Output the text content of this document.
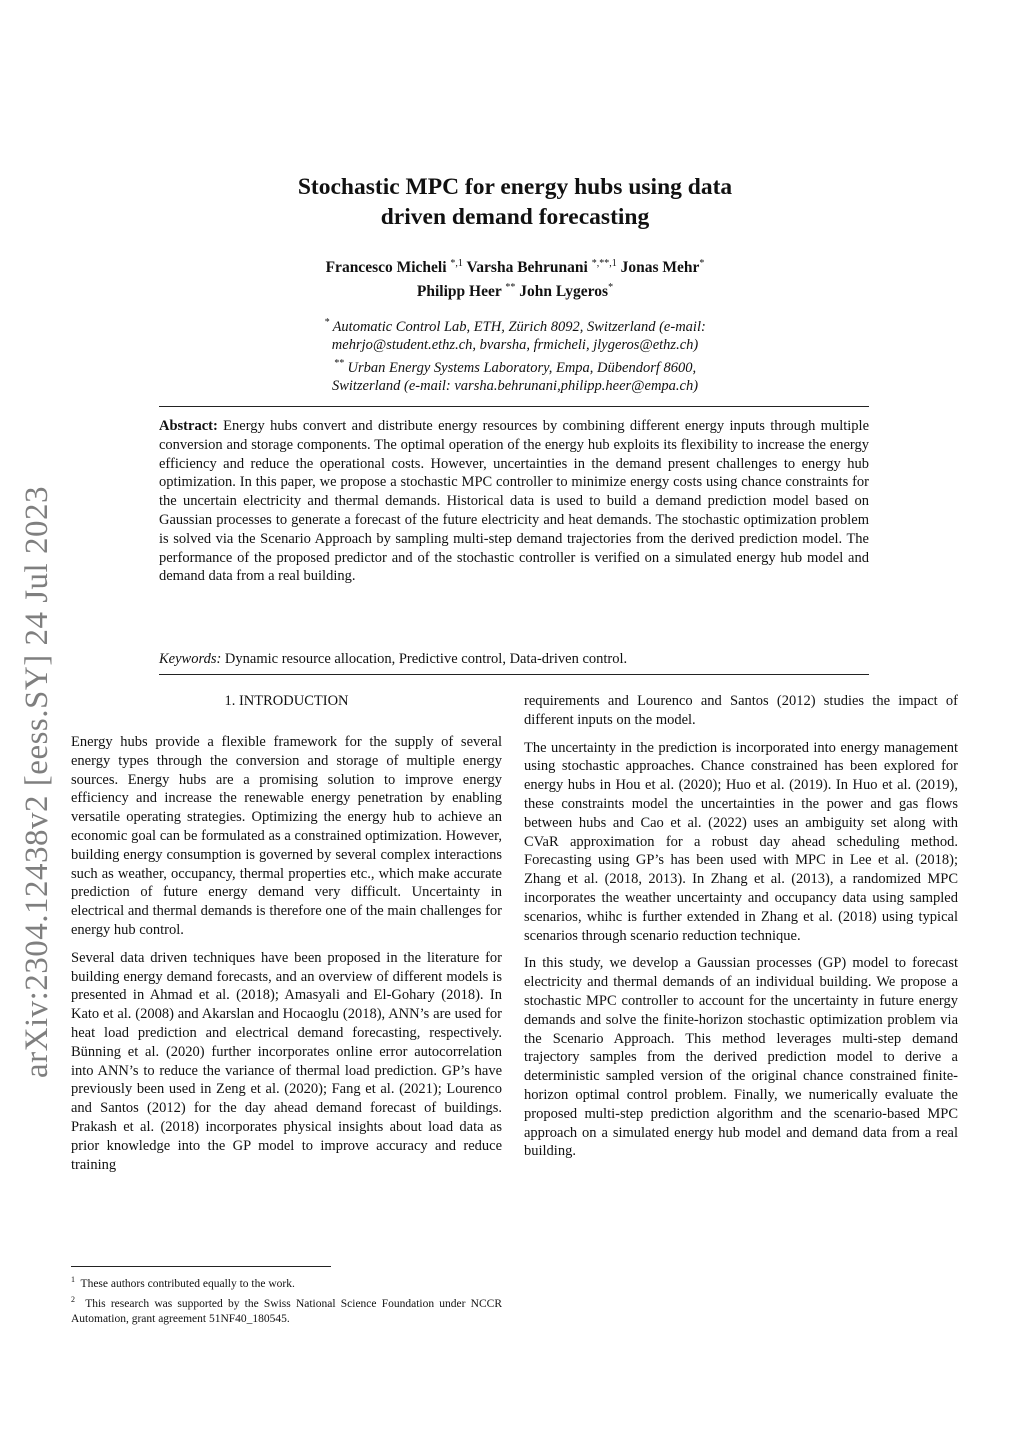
arXiv:2304.12438v2 [eess.SY] 24 Jul 2023
Stochastic MPC for energy hubs using data
driven demand forecasting
Francesco Micheli $^{*,1}$ Varsha Behrunani $^{*,**,1}$ Jonas Mehr*
Philipp Heer ** John Lygeros*
* Automatic Control Lab, ETH, Zürich 8092, Switzerland (e-mail:
mehrjo@student.ethz.ch, bvarsha, frmicheli, jlygeros@ethz.ch)
** Urban Energy Systems Laboratory, Empa, Dübendorf 8600,
Switzerland (e-mail: varsha.behrunani,philipp.heer@empa.ch)
Abstract: Energy hubs convert and distribute energy resources by combining different energy inputs through multiple conversion and storage components. The optimal operation of the energy hub exploits its flexibility to increase the energy efficiency and reduce the operational costs. However, uncertainties in the demand present challenges to energy hub optimization. In this paper, we propose a stochastic MPC controller to minimize energy costs using chance constraints for the uncertain electricity and thermal demands. Historical data is used to build a demand prediction model based on Gaussian processes to generate a forecast of the future electricity and heat demands. The stochastic optimization problem is solved via the Scenario Approach by sampling multi-step demand trajectories from the derived prediction model. The performance of the proposed predictor and of the stochastic controller is verified on a simulated energy hub model and demand data from a real building.
Keywords: Dynamic resource allocation, Predictive control, Data-driven control.
1. INTRODUCTION

Energy hubs provide a flexible framework for the supply of several energy types through the conversion and storage of multiple energy sources. Energy hubs are a promising solution to improve energy efficiency and increase the renewable energy penetration by enabling versatile operating strategies. Optimizing the energy hub to achieve an economic goal can be formulated as a constrained optimization. However, building energy consumption is governed by several complex interactions such as weather, occupancy, thermal properties etc., which make accurate prediction of future energy demand very difficult. Uncertainty in electrical and thermal demands is therefore one of the main challenges for energy hub control.

Several data driven techniques have been proposed in the literature for building energy demand forecasts, and an overview of different models is presented in Ahmad et al. (2018); Amasyali and El-Gohary (2018). In Kato et al. (2008) and Akarslan and Hocaoglu (2018), ANN’s are used for heat load prediction and electrical demand forecasting, respectively. Bünning et al. (2020) further incorporates online error autocorrelation into ANN’s to reduce the variance of thermal load prediction. GP’s have previously been used in Zeng et al. (2020); Fang et al. (2021); Lourenco and Santos (2012) for the day ahead demand forecast of buildings. Prakash et al. (2018) incorporates physical insights about load data as prior knowledge into the GP model to improve accuracy and reduce training

requirements and Lourenco and Santos (2012) studies the impact of different inputs on the model.

The uncertainty in the prediction is incorporated into energy management using stochastic approaches. Chance constrained has been explored for energy hubs in Hou et al. (2020); Huo et al. (2019). In Huo et al. (2019), these constraints model the uncertainties in the power and gas flows between hubs and Cao et al. (2022) uses an ambiguity set along with CVaR approximation for a robust day ahead scheduling method. Forecasting using GP’s has been used with MPC in Lee et al. (2018); Zhang et al. (2018, 2013). In Zhang et al. (2013), a randomized MPC incorporates the weather uncertainty and occupancy data using sampled scenarios, whihc is further extended in Zhang et al. (2018) using typical scenarios through scenario reduction technique.

In this study, we develop a Gaussian processes (GP) model to forecast electricity and thermal demands of an individual building. We propose a stochastic MPC controller to account for the uncertainty in future energy demands and solve the finite-horizon stochastic optimization problem via the Scenario Approach. This method leverages multi-step demand trajectory samples from the derived prediction model to derive a deterministic sampled version of the original chance constrained finite-horizon optimal control problem. Finally, we numerically evaluate the proposed multi-step prediction algorithm and the scenario-based MPC approach on a simulated energy hub model and demand data from a real building.

$^1$ These authors contributed equally to the work.
$^2$ This research was supported by the Swiss National Science Foundation under NCCR Automation, grant agreement 51NF40_180545.
